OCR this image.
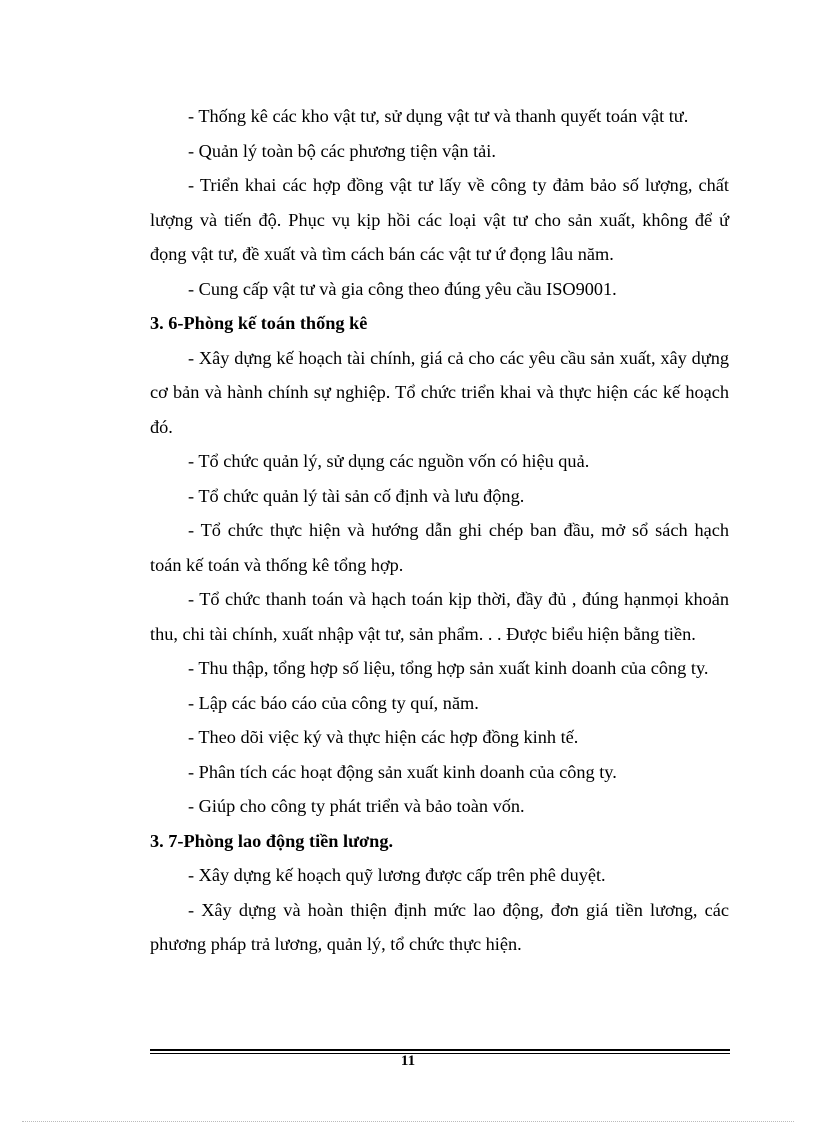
- Thống kê các kho vật tư, sử dụng vật tư và thanh quyết toán vật tư.

- Quản lý toàn bộ các phương tiện vận tải.

- Triển khai các hợp đồng vật tư lấy về công ty đảm bảo số lượng, chất lượng và tiến độ. Phục vụ kịp hồi các loại vật tư cho sản xuất, không để ứ đọng vật tư, đề xuất và tìm cách bán các vật tư ứ đọng lâu năm.

- Cung cấp vật tư và gia công theo đúng yêu cầu ISO9001.

3. 6-Phòng kế toán thống kê

- Xây dựng kế hoạch tài chính, giá cả cho các yêu cầu sản xuất, xây dựng cơ bản và hành chính sự nghiệp. Tổ chức triển khai và thực hiện các kế hoạch đó.

- Tổ chức quản lý, sử dụng các nguồn vốn có hiệu quả.

- Tổ chức quản lý tài sản cố định và lưu động.

- Tổ chức thực hiện và hướng dẫn ghi chép ban đầu, mở sổ sách hạch toán kế toán và thống kê tổng hợp.

- Tổ chức thanh toán và hạch toán kịp thời, đầy đủ , đúng hạnmọi khoản thu, chi tài chính, xuất nhập vật tư, sản phẩm. . . Được biểu hiện bằng tiền.

- Thu thập, tổng hợp số liệu, tổng hợp sản xuất kinh doanh của công ty.

- Lập các báo cáo của công ty quí, năm.

- Theo dõi việc ký và thực hiện các hợp đồng kinh tế.

- Phân tích các hoạt động sản xuất kinh doanh của công ty.

- Giúp cho công ty phát triển và bảo toàn vốn.

3. 7-Phòng lao động tiền lương.

- Xây dựng kế hoạch quỹ lương được cấp trên phê duyệt.

- Xây dựng và hoàn thiện định mức lao động, đơn giá tiền lương, các phương pháp trả lương, quản lý, tổ chức thực hiện.

11
